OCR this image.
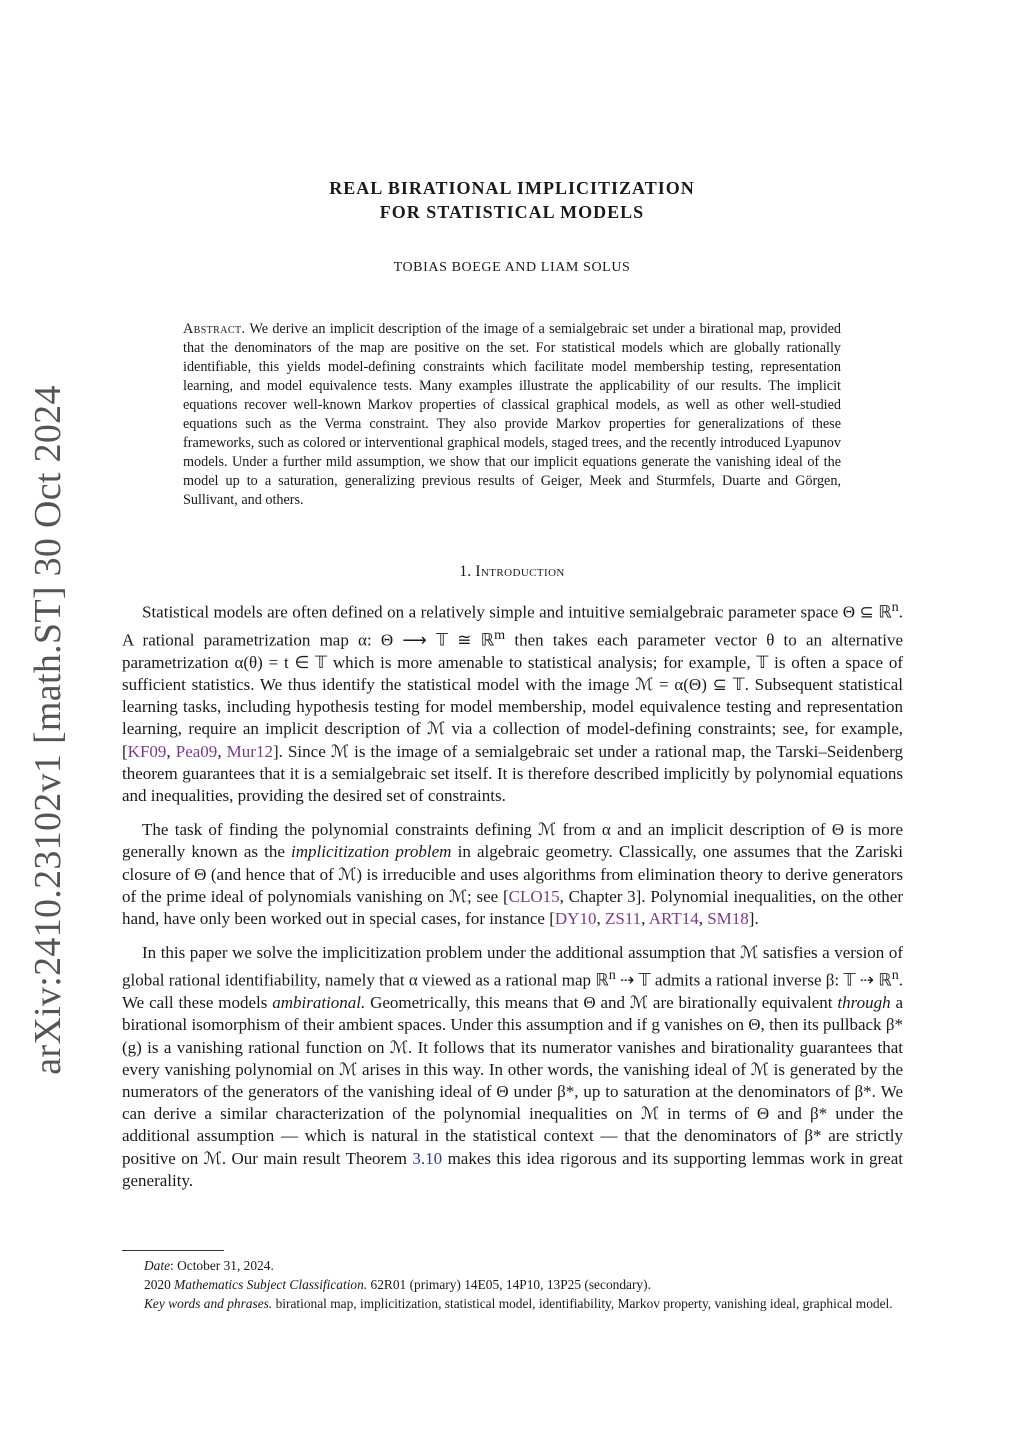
arXiv:2410.23102v1 [math.ST] 30 Oct 2024
REAL BIRATIONAL IMPLICITIZATION
FOR STATISTICAL MODELS
TOBIAS BOEGE AND LIAM SOLUS

Abstract. We derive an implicit description of the image of a semialgebraic set under a birational map, provided that the denominators of the map are positive on the set. For statistical models which are globally rationally identifiable, this yields model-defining constraints which facilitate model membership testing, representation learning, and model equivalence tests. Many examples illustrate the applicability of our results. The implicit equations recover well-known Markov properties of classical graphical models, as well as other well-studied equations such as the Verma constraint. They also provide Markov properties for generalizations of these frameworks, such as colored or interventional graphical models, staged trees, and the recently introduced Lyapunov models. Under a further mild assumption, we show that our implicit equations generate the vanishing ideal of the model up to a saturation, generalizing previous results of Geiger, Meek and Sturmfels, Duarte and Görgen, Sullivant, and others.

1. Introduction

Statistical models are often defined on a relatively simple and intuitive semialgebraic parameter space Θ ⊆ ℝ$^n$. A rational parametrization map α: Θ ⟶ 𝕋 ≅ ℝ$^m$ then takes each parameter vector θ to an alternative parametrization α(θ) = t ∈ 𝕋 which is more amenable to statistical analysis; for example, 𝕋 is often a space of sufficient statistics. We thus identify the statistical model with the image ℳ = α(Θ) ⊆ 𝕋. Subsequent statistical learning tasks, including hypothesis testing for model membership, model equivalence testing and representation learning, require an implicit description of ℳ via a collection of model-defining constraints; see, for example, [KF09, Pea09, Mur12]. Since ℳ is the image of a semialgebraic set under a rational map, the Tarski–Seidenberg theorem guarantees that it is a semialgebraic set itself. It is therefore described implicitly by polynomial equations and inequalities, providing the desired set of constraints.

The task of finding the polynomial constraints defining ℳ from α and an implicit description of Θ is more generally known as the implicitization problem in algebraic geometry. Classically, one assumes that the Zariski closure of Θ (and hence that of ℳ) is irreducible and uses algorithms from elimination theory to derive generators of the prime ideal of polynomials vanishing on ℳ; see [CLO15, Chapter 3]. Polynomial inequalities, on the other hand, have only been worked out in special cases, for instance [DY10, ZS11, ART14, SM18].

In this paper we solve the implicitization problem under the additional assumption that ℳ satisfies a version of global rational identifiability, namely that α viewed as a rational map ℝ$^n$ ⇢ 𝕋 admits a rational inverse β: 𝕋 ⇢ ℝ$^n$. We call these models ambirational. Geometrically, this means that Θ and ℳ are birationally equivalent through a birational isomorphism of their ambient spaces. Under this assumption and if g vanishes on Θ, then its pullback β*(g) is a vanishing rational function on ℳ. It follows that its numerator vanishes and birationality guarantees that every vanishing polynomial on ℳ arises in this way. In other words, the vanishing ideal of ℳ is generated by the numerators of the generators of the vanishing ideal of Θ under β*, up to saturation at the denominators of β*. We can derive a similar characterization of the polynomial inequalities on ℳ in terms of Θ and β* under the additional assumption — which is natural in the statistical context — that the denominators of β* are strictly positive on ℳ. Our main result Theorem 3.10 makes this idea rigorous and its supporting lemmas work in great generality.

Date: October 31, 2024.

2020 Mathematics Subject Classification. 62R01 (primary) 14E05, 14P10, 13P25 (secondary).

Key words and phrases. birational map, implicitization, statistical model, identifiability, Markov property, vanishing ideal, graphical model.
